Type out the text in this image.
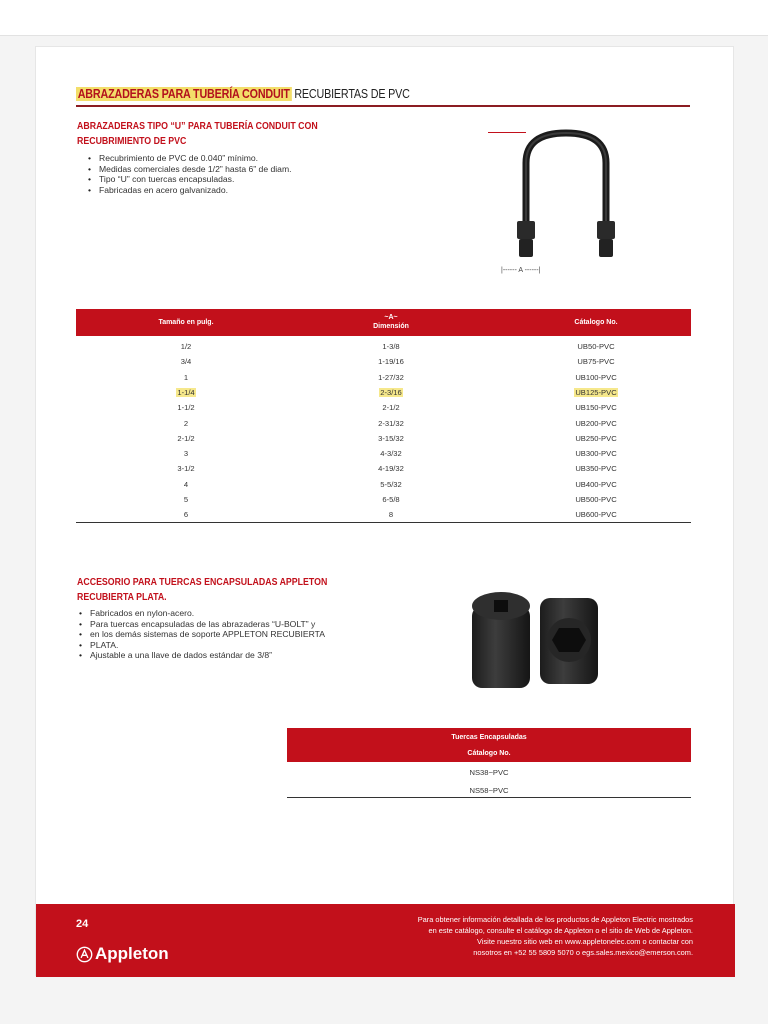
ABRAZADERAS PARA TUBERÍA CONDUIT RECUBIERTAS DE PVC
ABRAZADERAS TIPO “U” PARA TUBERÍA CONDUIT CON
RECUBRIMIENTO DE PVC
• Recubrimiento de PVC de 0.040” mínimo.
• Medidas comerciales desde 1/2” hasta 6” de diam.
• Tipo “U” con tuercas encapsuladas.
• Fabricadas en acero galvanizado.
|------ A ------|
Tamaño en pulg.
~A~
Dimensión
Cátalogo No.
1/2	1-3/8	UB50-PVC
3/4	1-19/16	UB75-PVC
1	1-27/32	UB100-PVC
1-1/4	2-3/16	UB125-PVC
1-1/2	2-1/2	UB150-PVC
2	2-31/32	UB200-PVC
2-1/2	3-15/32	UB250-PVC
3	4-3/32	UB300-PVC
3-1/2	4-19/32	UB350-PVC
4	5-5/32	UB400-PVC
5	6-5/8	UB500-PVC
6	8	UB600-PVC
ACCESORIO PARA TUERCAS ENCAPSULADAS APPLETON
RECUBIERTA PLATA.
• Fabricados en nylon-acero.
• Para tuercas encapsuladas de las abrazaderas “U-BOLT” y
• en los demás sistemas de soporte APPLETON RECUBIERTA
• PLATA.
• Ajustable a una llave de dados estándar de 3/8”
Tuercas Encapsuladas
Cátalogo No.
NS38~PVC
NS58~PVC
24
Appleton
Para obtener información detallada de los productos de Appleton Electric mostrados
en este catálogo, consulte el catálogo de Appleton o el sitio de Web de Appleton.
Visite nuestro sitio web en www.appletonelec.com o contactar con
nosotros en +52 55 5809 5070 o egs.sales.mexico@emerson.com.
